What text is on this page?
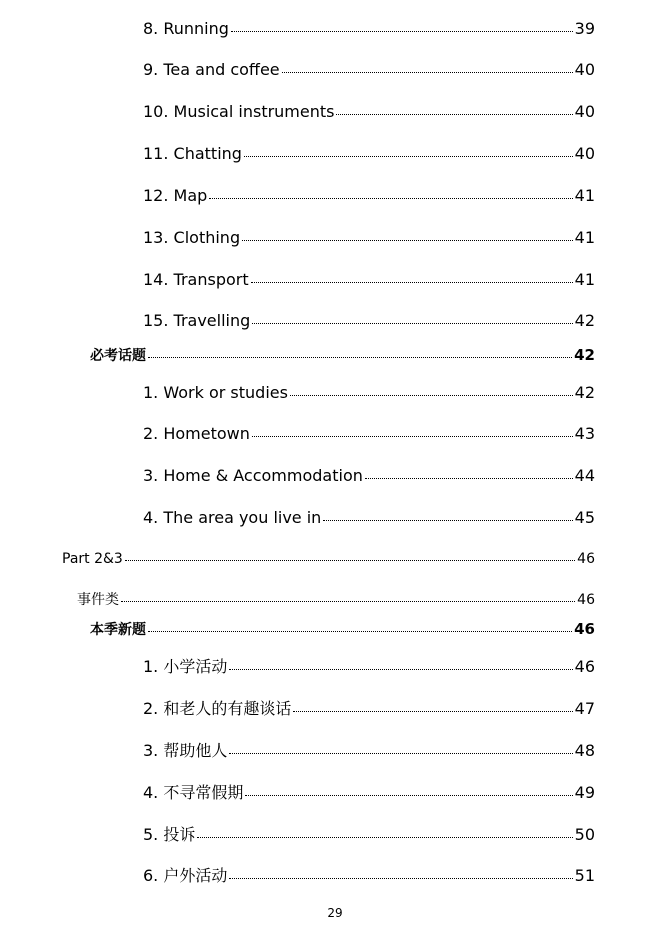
8. Running	39
9. Tea and coffee	40
10. Musical instruments	40
11. Chatting	40
12. Map	41
13. Clothing	41
14. Transport	41
15. Travelling	42
必考话题	42
1. Work or studies	42
2. Hometown	43
3. Home & Accommodation	44
4. The area you live in	45
Part 2&3	46
事件类	46
本季新题	46
1. 小学活动	46
2. 和老人的有趣谈话	47
3. 帮助他人	48
4. 不寻常假期	49
5. 投诉	50
6. 户外活动	51
29
